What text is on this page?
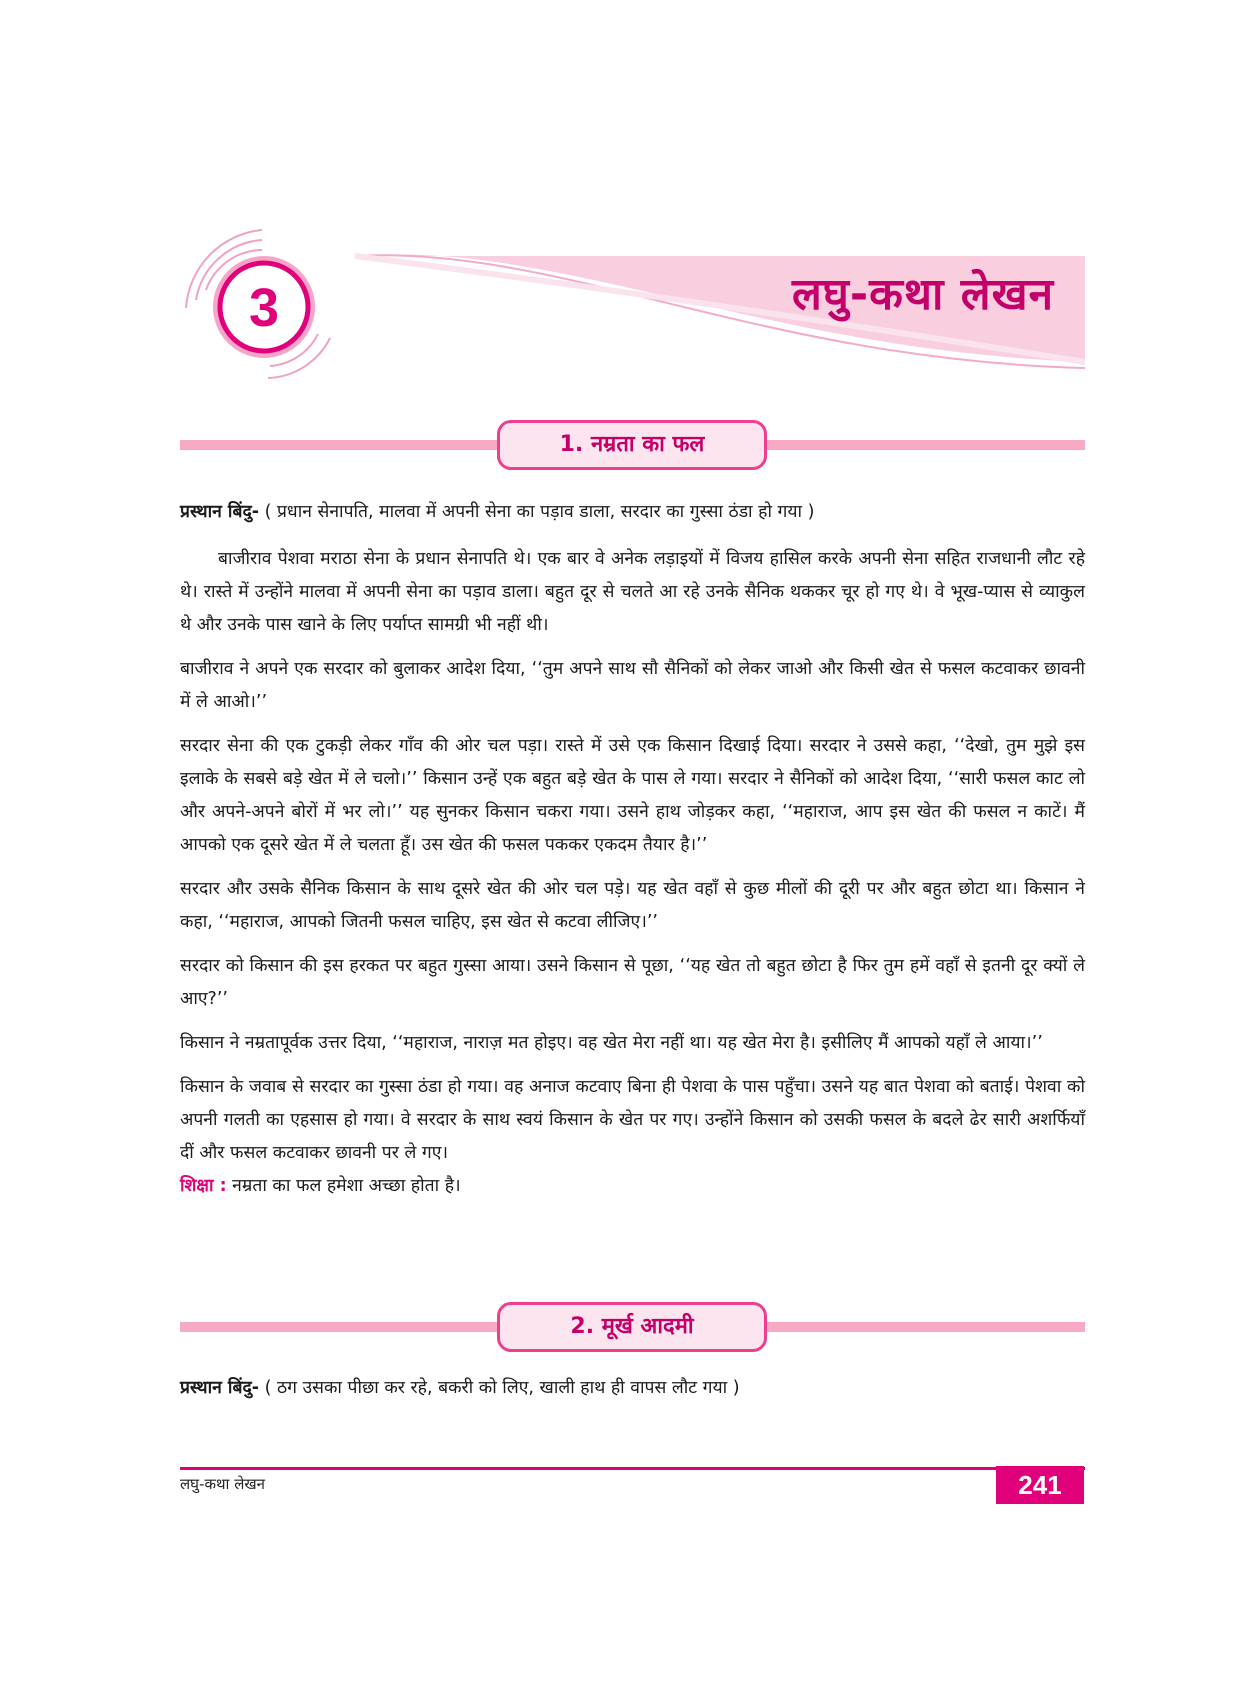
3	लघु-कथा लेखन
1. नम्रता का फल

प्रस्थान बिंदु- ( प्रधान सेनापति, मालवा में अपनी सेना का पड़ाव डाला, सरदार का गुस्सा ठंडा हो गया )

बाजीराव पेशवा मराठा सेना के प्रधान सेनापति थे। एक बार वे अनेक लड़ाइयों में विजय हासिल करके अपनी सेना सहित राजधानी लौट रहे थे। रास्ते में उन्होंने मालवा में अपनी सेना का पड़ाव डाला। बहुत दूर से चलते आ रहे उनके सैनिक थककर चूर हो गए थे। वे भूख-प्यास से व्याकुल थे और उनके पास खाने के लिए पर्याप्त सामग्री भी नहीं थी।

बाजीराव ने अपने एक सरदार को बुलाकर आदेश दिया, ‘‘तुम अपने साथ सौ सैनिकों को लेकर जाओ और किसी खेत से फसल कटवाकर छावनी में ले आओ।’’

सरदार सेना की एक टुकड़ी लेकर गाँव की ओर चल पड़ा। रास्ते में उसे एक किसान दिखाई दिया। सरदार ने उससे कहा, ‘‘देखो, तुम मुझे इस इलाके के सबसे बड़े खेत में ले चलो।’’ किसान उन्हें एक बहुत बड़े खेत के पास ले गया। सरदार ने सैनिकों को आदेश दिया, ‘‘सारी फसल काट लो और अपने-अपने बोरों में भर लो।’’ यह सुनकर किसान चकरा गया। उसने हाथ जोड़कर कहा, ‘‘महाराज, आप इस खेत की फसल न काटें। मैं आपको एक दूसरे खेत में ले चलता हूँ। उस खेत की फसल पककर एकदम तैयार है।’’

सरदार और उसके सैनिक किसान के साथ दूसरे खेत की ओर चल पड़े। यह खेत वहाँ से कुछ मीलों की दूरी पर और बहुत छोटा था। किसान ने कहा, ‘‘महाराज, आपको जितनी फसल चाहिए, इस खेत से कटवा लीजिए।’’

सरदार को किसान की इस हरकत पर बहुत गुस्सा आया। उसने किसान से पूछा, ‘‘यह खेत तो बहुत छोटा है फिर तुम हमें वहाँ से इतनी दूर क्यों ले आए?’’

किसान ने नम्रतापूर्वक उत्तर दिया, ‘‘महाराज, नाराज़ मत होइए। वह खेत मेरा नहीं था। यह खेत मेरा है। इसीलिए मैं आपको यहाँ ले आया।’’

किसान के जवाब से सरदार का गुस्सा ठंडा हो गया। वह अनाज कटवाए बिना ही पेशवा के पास पहुँचा। उसने यह बात पेशवा को बताई। पेशवा को अपनी गलती का एहसास हो गया। वे सरदार के साथ स्वयं किसान के खेत पर गए। उन्होंने किसान को उसकी फसल के बदले ढेर सारी अशर्फियाँ दीं और फसल कटवाकर छावनी पर ले गए।

शिक्षा : नम्रता का फल हमेशा अच्छा होता है।

2. मूर्ख आदमी

प्रस्थान बिंदु- ( ठग उसका पीछा कर रहे, बकरी को लिए, खाली हाथ ही वापस लौट गया )

लघु-कथा लेखन	241
